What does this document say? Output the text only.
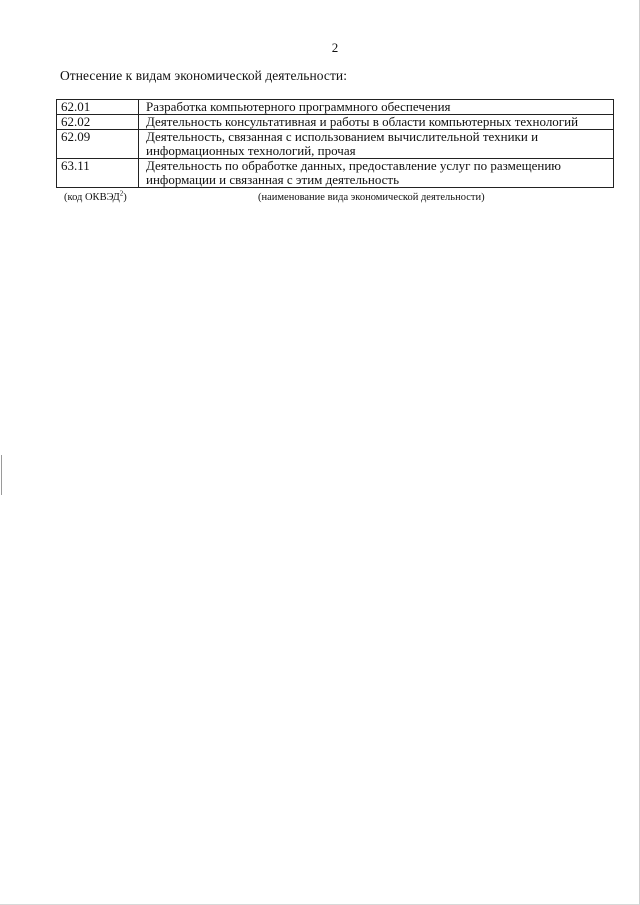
2
Отнесение к видам экономической деятельности:
62.01	Разработка компьютерного программного обеспечения
62.02	Деятельность консультативная и работы в области компьютерных технологий
62.09	Деятельность, связанная с использованием вычислительной техники и информационных технологий, прочая
63.11	Деятельность по обработке данных, предоставление услуг по размещению информации и связанная с этим деятельность
(код ОКВЭД$^2$)	(наименование вида экономической деятельности)
